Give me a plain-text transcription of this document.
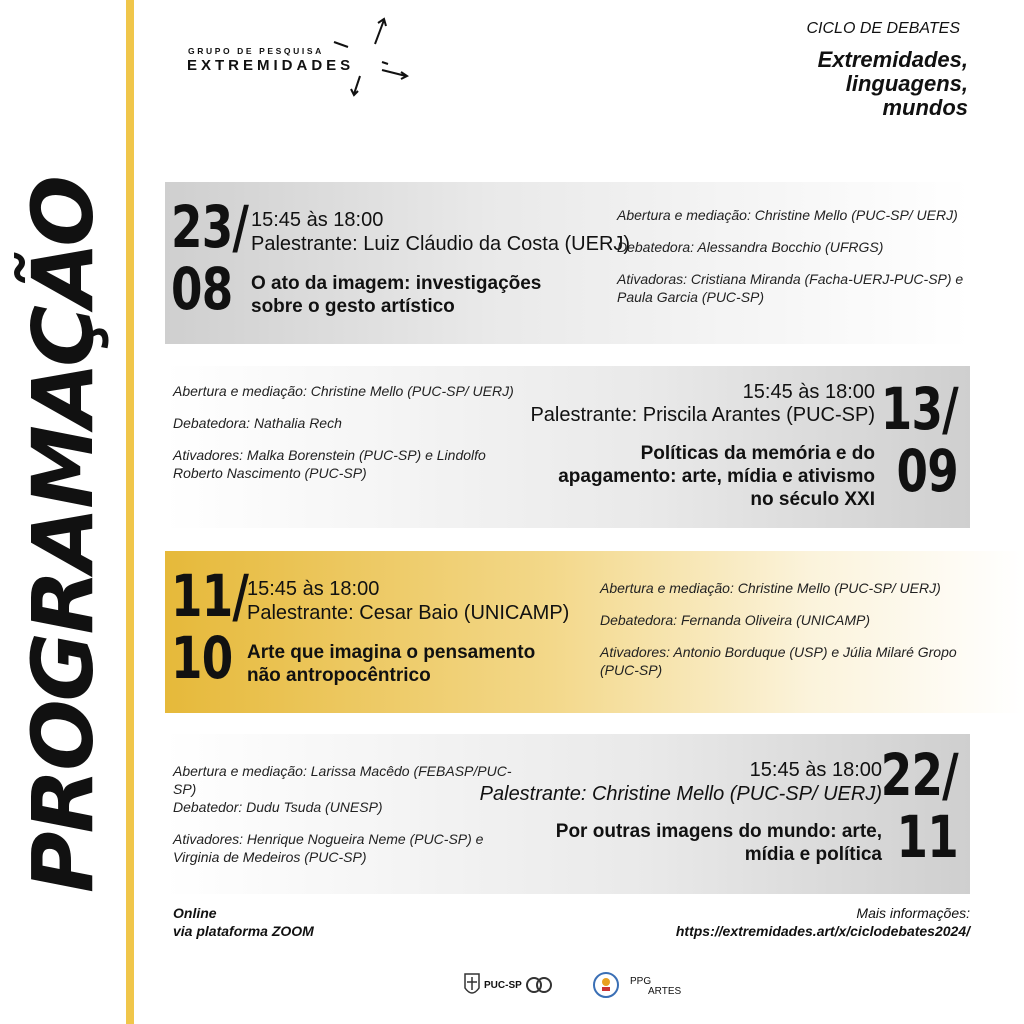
PROGRAMAÇÃO
GRUPO DE PESQUISA
EXTREMIDADES
CICLO DE DEBATES
Extremidades,
linguagens,
mundos
23/
08
15:45 às 18:00
Palestrante: Luiz Cláudio da Costa (UERJ)
O ato da imagem: investigações
sobre o gesto artístico
Abertura e mediação: Christine Mello (PUC-SP/ UERJ)
Debatedora: Alessandra Bocchio (UFRGS)
Ativadoras: Cristiana Miranda (Facha-UERJ-PUC-SP) e
Paula Garcia (PUC-SP)
Abertura e mediação: Christine Mello (PUC-SP/ UERJ)
Debatedora: Nathalia Rech
Ativadores: Malka Borenstein (PUC-SP) e Lindolfo
Roberto Nascimento (PUC-SP)
15:45 às 18:00
Palestrante: Priscila Arantes (PUC-SP)
Políticas da memória e do
apagamento: arte, mídia e ativismo
no século XXI
13/
09
11/
10
15:45 às 18:00
Palestrante: Cesar Baio (UNICAMP)
Arte que imagina o pensamento
não antropocêntrico
Abertura e mediação: Christine Mello (PUC-SP/ UERJ)
Debatedora: Fernanda Oliveira (UNICAMP)
Ativadores: Antonio Borduque (USP) e Júlia Milaré Gropo
(PUC-SP)
Abertura e mediação: Larissa Macêdo (FEBASP/PUC-
SP)
Debatedor: Dudu Tsuda (UNESP)
Ativadores: Henrique Nogueira Neme (PUC-SP) e
Virginia de Medeiros (PUC-SP)
15:45 às 18:00
Palestrante: Christine Mello (PUC-SP/ UERJ)
Por outras imagens do mundo: arte,
mídia e política
22/
11
Online
via plataforma ZOOM
Mais informações:
https://extremidades.art/x/ciclodebates2024/
PUC-SP	PPG
ARTES
